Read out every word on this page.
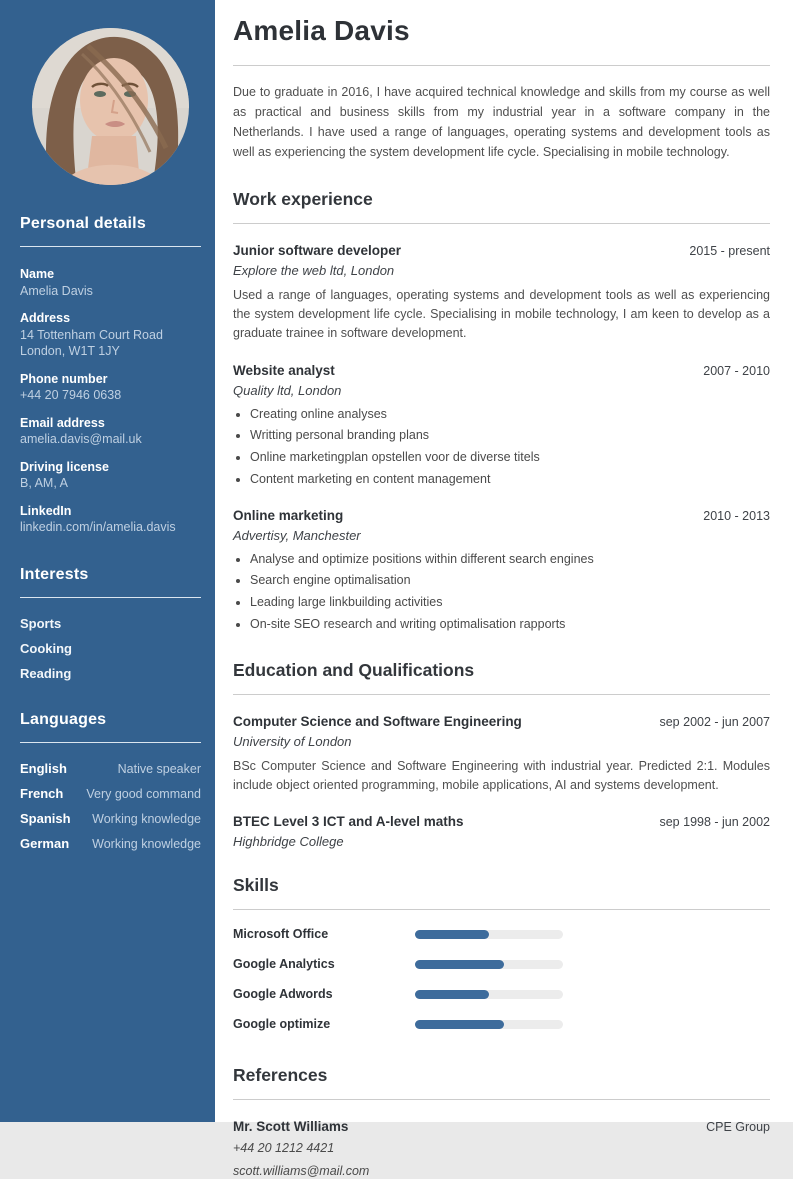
Personal details
Name
Amelia Davis
Address
14 Tottenham Court Road
London, W1T 1JY
Phone number
+44 20 7946 0638
Email address
amelia.davis@mail.uk
Driving license
B, AM, A
LinkedIn
linkedin.com/in/amelia.davis
Interests
Sports
Cooking
Reading
Languages
English	Native speaker
French Very good command
Spanish Working knowledge
German Working knowledge
Amelia Davis

Due to graduate in 2016, I have acquired technical knowledge and skills from my course as well as practical and business skills from my industrial year in a software company in the Netherlands. I have used a range of languages, operating systems and development tools as well as experiencing the system development life cycle. Specialising in mobile technology.

Work experience
Junior software developer	2015 - present
Explore the web ltd, London

Used a range of languages, operating systems and development tools as well as experiencing the system development life cycle. Specialising in mobile technology, I am keen to develop as a graduate trainee in software development.

Website analyst	2007 - 2010
Quality ltd, London
• Creating online analyses
• Writting personal branding plans
• Online marketingplan opstellen voor de diverse titels
• Content marketing en content management
Online marketing	2010 - 2013
Advertisy, Manchester
• Analyse and optimize positions within different search engines
• Search engine optimalisation
• Leading large linkbuilding activities
• On-site SEO research and writing optimalisation rapports
Education and Qualifications
Computer Science and Software Engineering	sep 2002 - jun 2007
University of London

BSc Computer Science and Software Engineering with industrial year. Predicted 2:1. Modules include object oriented programming, mobile applications, AI and systems development.

BTEC Level 3 ICT and A-level maths	sep 1998 - jun 2002
Highbridge College
Skills
Microsoft Office
Google Analytics
Google Adwords
Google optimize
References
Mr. Scott Williams	CPE Group
+44 20 1212 4421
scott.williams@mail.com
